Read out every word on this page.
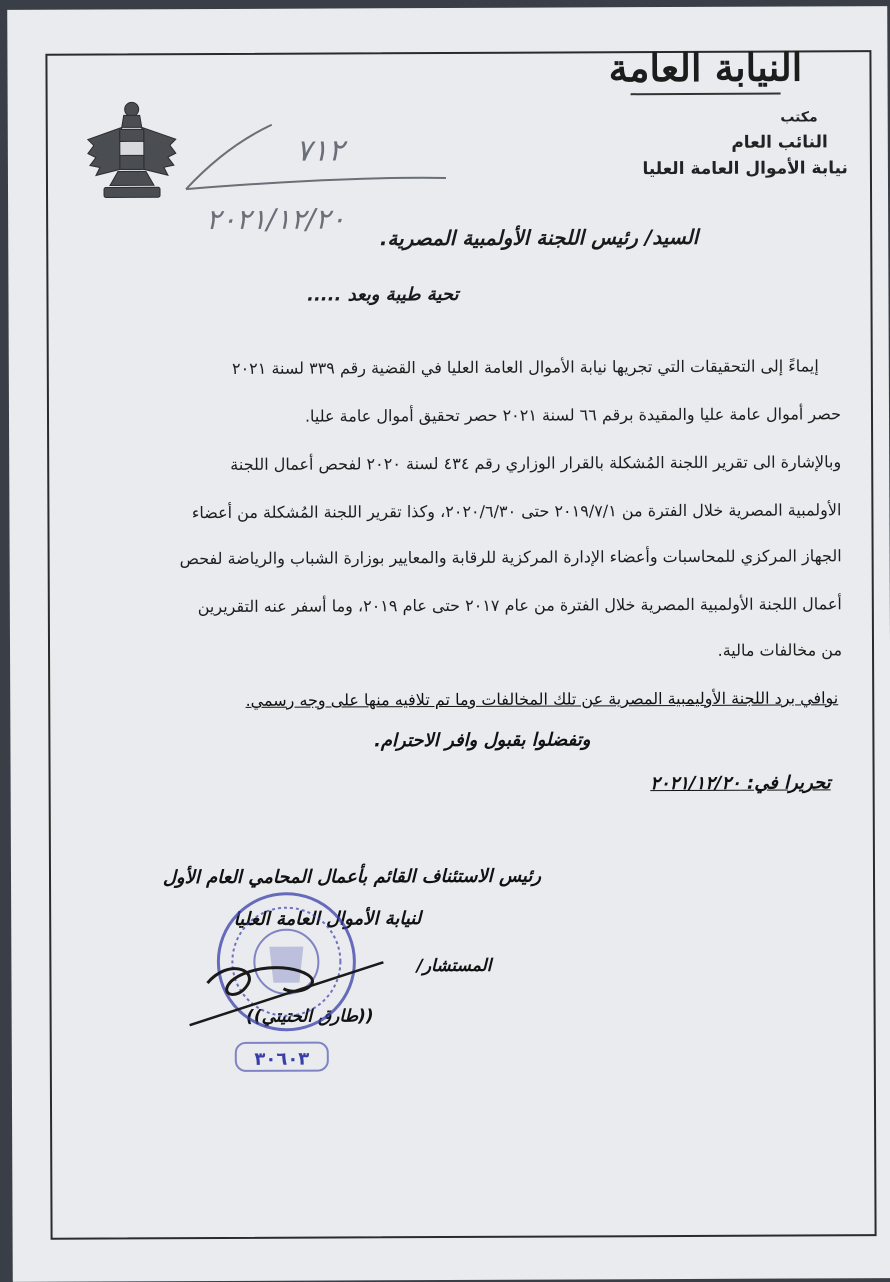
النيابة العامة
مكتب
النائب العام
نيابة الأموال العامة العليا
٧١٢
٢٠٢١/١٢/٢٠
السيد/ رئيس اللجنة الأولمبية المصرية.
تحية طيبة وبعد .....
إيماءً إلى التحقيقات التي تجريها نيابة الأموال العامة العليا في القضية رقم ٣٣٩ لسنة ٢٠٢١
حصر أموال عامة عليا والمقيدة برقم ٦٦ لسنة ٢٠٢١ حصر تحقيق أموال عامة عليا.
وبالإشارة الى تقرير اللجنة المُشكلة بالقرار الوزاري رقم ٤٣٤ لسنة ٢٠٢٠ لفحص أعمال اللجنة
الأولمبية المصرية خلال الفترة من ٢٠١٩/٧/١ حتى ٢٠٢٠/٦/٣٠، وكذا تقرير اللجنة المُشكلة من أعضاء
الجهاز المركزي للمحاسبات وأعضاء الإدارة المركزية للرقابة والمعايير بوزارة الشباب والرياضة لفحص
أعمال اللجنة الأولمبية المصرية خلال الفترة من عام ٢٠١٧ حتى عام ٢٠١٩، وما أسفر عنه التقريرين
من مخالفات مالية.
نوافي برد اللجنة الأوليمبية المصرية عن تلك المخالفات وما تم تلافيه منها على وجه رسمي.
وتفضلوا بقبول وافر الاحترام.
تحريرا في: ٢٠٢١/١٢/٢٠
رئيس الاستئناف القائم بأعمال المحامي العام الأول
لنيابة الأموال العامة العليا
المستشار/
((طارق الحتيتي))
٣٠٦٠٣
